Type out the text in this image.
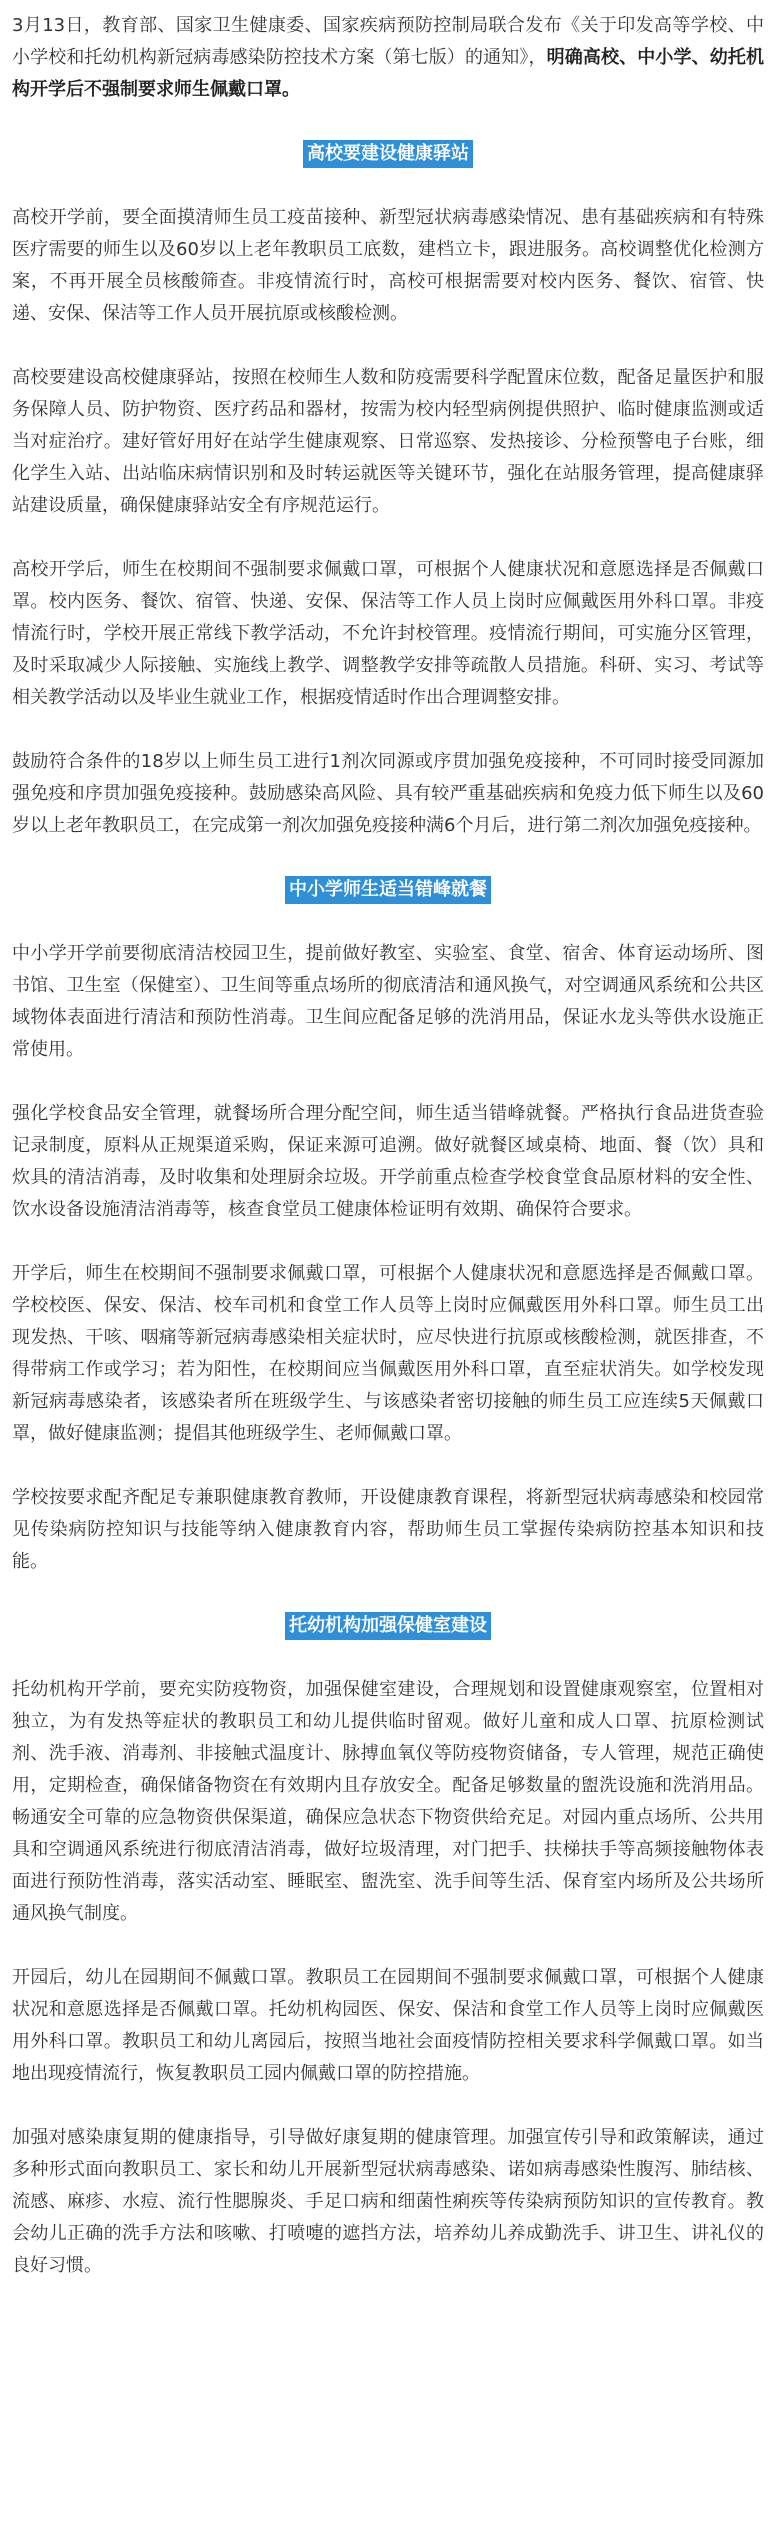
3月13日，教育部、国家卫生健康委、国家疾病预防控制局联合发布《关于印发高等学校、中小学校和托幼机构新冠病毒感染防控技术方案（第七版）的通知》，明确高校、中小学、幼托机构开学后不强制要求师生佩戴口罩。

高校要建设健康驿站

高校开学前，要全面摸清师生员工疫苗接种、新型冠状病毒感染情况、患有基础疾病和有特殊医疗需要的师生以及60岁以上老年教职员工底数，建档立卡，跟进服务。高校调整优化检测方案，不再开展全员核酸筛查。非疫情流行时，高校可根据需要对校内医务、餐饮、宿管、快递、安保、保洁等工作人员开展抗原或核酸检测。

高校要建设高校健康驿站，按照在校师生人数和防疫需要科学配置床位数，配备足量医护和服务保障人员、防护物资、医疗药品和器材，按需为校内轻型病例提供照护、临时健康监测或适当对症治疗。建好管好用好在站学生健康观察、日常巡察、发热接诊、分检预警电子台账，细化学生入站、出站临床病情识别和及时转运就医等关键环节，强化在站服务管理，提高健康驿站建设质量，确保健康驿站安全有序规范运行。

高校开学后，师生在校期间不强制要求佩戴口罩，可根据个人健康状况和意愿选择是否佩戴口罩。校内医务、餐饮、宿管、快递、安保、保洁等工作人员上岗时应佩戴医用外科口罩。非疫情流行时，学校开展正常线下教学活动，不允许封校管理。疫情流行期间，可实施分区管理，及时采取减少人际接触、实施线上教学、调整教学安排等疏散人员措施。科研、实习、考试等相关教学活动以及毕业生就业工作，根据疫情适时作出合理调整安排。

鼓励符合条件的18岁以上师生员工进行1剂次同源或序贯加强免疫接种，不可同时接受同源加强免疫和序贯加强免疫接种。鼓励感染高风险、具有较严重基础疾病和免疫力低下师生以及60岁以上老年教职员工，在完成第一剂次加强免疫接种满6个月后，进行第二剂次加强免疫接种。

中小学师生适当错峰就餐

中小学开学前要彻底清洁校园卫生，提前做好教室、实验室、食堂、宿舍、体育运动场所、图书馆、卫生室（保健室）、卫生间等重点场所的彻底清洁和通风换气，对空调通风系统和公共区域物体表面进行清洁和预防性消毒。卫生间应配备足够的洗消用品，保证水龙头等供水设施正常使用。

强化学校食品安全管理，就餐场所合理分配空间，师生适当错峰就餐。严格执行食品进货查验记录制度，原料从正规渠道采购，保证来源可追溯。做好就餐区域桌椅、地面、餐（饮）具和炊具的清洁消毒，及时收集和处理厨余垃圾。开学前重点检查学校食堂食品原材料的安全性、饮水设备设施清洁消毒等，核查食堂员工健康体检证明有效期、确保符合要求。

开学后，师生在校期间不强制要求佩戴口罩，可根据个人健康状况和意愿选择是否佩戴口罩。学校校医、保安、保洁、校车司机和食堂工作人员等上岗时应佩戴医用外科口罩。师生员工出现发热、干咳、咽痛等新冠病毒感染相关症状时，应尽快进行抗原或核酸检测，就医排查，不得带病工作或学习；若为阳性，在校期间应当佩戴医用外科口罩，直至症状消失。如学校发现新冠病毒感染者，该感染者所在班级学生、与该感染者密切接触的师生员工应连续5天佩戴口罩，做好健康监测；提倡其他班级学生、老师佩戴口罩。

学校按要求配齐配足专兼职健康教育教师，开设健康教育课程，将新型冠状病毒感染和校园常见传染病防控知识与技能等纳入健康教育内容，帮助师生员工掌握传染病防控基本知识和技能。

托幼机构加强保健室建设

托幼机构开学前，要充实防疫物资，加强保健室建设，合理规划和设置健康观察室，位置相对独立，为有发热等症状的教职员工和幼儿提供临时留观。做好儿童和成人口罩、抗原检测试剂、洗手液、消毒剂、非接触式温度计、脉搏血氧仪等防疫物资储备，专人管理，规范正确使用，定期检查，确保储备物资在有效期内且存放安全。配备足够数量的盥洗设施和洗消用品。畅通安全可靠的应急物资供保渠道，确保应急状态下物资供给充足。对园内重点场所、公共用具和空调通风系统进行彻底清洁消毒，做好垃圾清理，对门把手、扶梯扶手等高频接触物体表面进行预防性消毒，落实活动室、睡眠室、盥洗室、洗手间等生活、保育室内场所及公共场所通风换气制度。

开园后，幼儿在园期间不佩戴口罩。教职员工在园期间不强制要求佩戴口罩，可根据个人健康状况和意愿选择是否佩戴口罩。托幼机构园医、保安、保洁和食堂工作人员等上岗时应佩戴医用外科口罩。教职员工和幼儿离园后，按照当地社会面疫情防控相关要求科学佩戴口罩。如当地出现疫情流行，恢复教职员工园内佩戴口罩的防控措施。

加强对感染康复期的健康指导，引导做好康复期的健康管理。加强宣传引导和政策解读，通过多种形式面向教职员工、家长和幼儿开展新型冠状病毒感染、诺如病毒感染性腹泻、肺结核、流感、麻疹、水痘、流行性腮腺炎、手足口病和细菌性痢疾等传染病预防知识的宣传教育。教会幼儿正确的洗手方法和咳嗽、打喷嚏的遮挡方法，培养幼儿养成勤洗手、讲卫生、讲礼仪的良好习惯。
